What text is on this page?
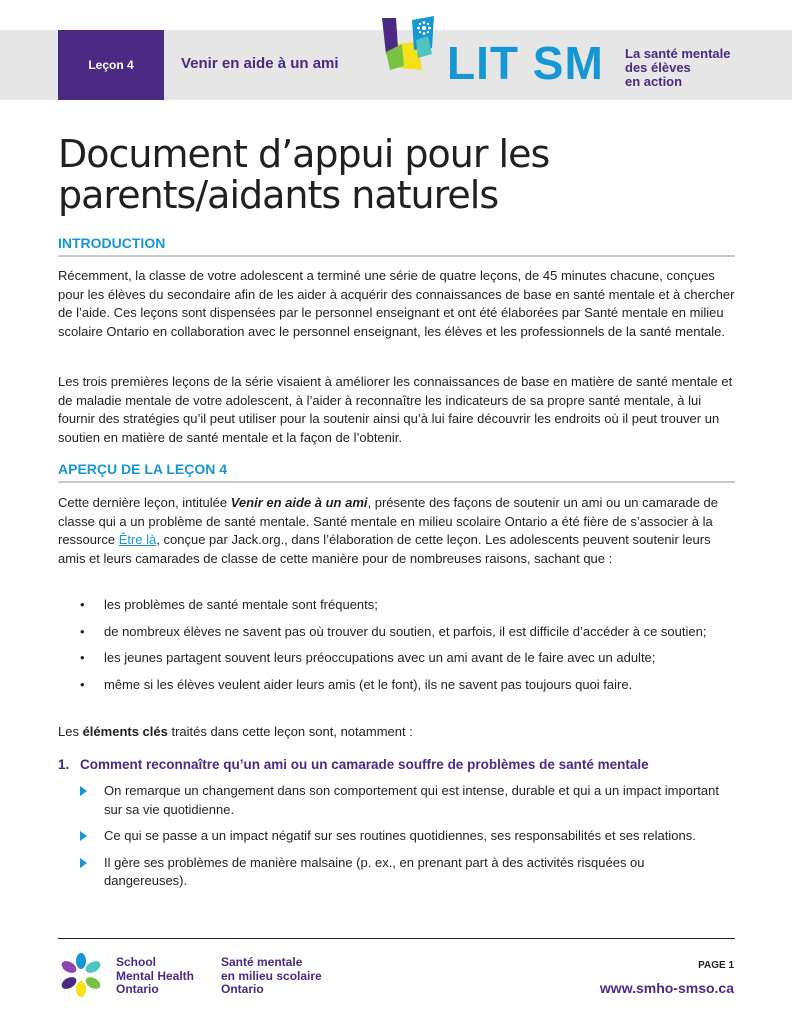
Leçon 4	Venir en aide à un ami LIT SM La santé mentale
des élèves
en action
Document d’appui pour les
parents/aidants naturels
INTRODUCTION

Récemment, la classe de votre adolescent a terminé une série de quatre leçons, de 45 minutes chacune, conçues pour les élèves du secondaire afin de les aider à acquérir des connaissances de base en santé mentale et à chercher de l’aide. Ces leçons sont dispensées par le personnel enseignant et ont été élaborées par Santé mentale en milieu scolaire Ontario en collaboration avec le personnel enseignant, les élèves et les professionnels de la santé mentale.

Les trois premières leçons de la série visaient à améliorer les connaissances de base en matière de santé mentale et de maladie mentale de votre adolescent, à l’aider à reconnaître les indicateurs de sa propre santé mentale, à lui fournir des stratégies qu’il peut utiliser pour la soutenir ainsi qu’à lui faire découvrir les endroits où il peut trouver un soutien en matière de santé mentale et la façon de l’obtenir.

APERÇU DE LA LEÇON 4

Cette dernière leçon, intitulée Venir en aide à un ami, présente des façons de soutenir un ami ou un camarade de classe qui a un problème de santé mentale. Santé mentale en milieu scolaire Ontario a été fière de s’associer à la ressource Être là, conçue par Jack.org., dans l’élaboration de cette leçon. Les adolescents peuvent soutenir leurs amis et leurs camarades de classe de cette manière pour de nombreuses raisons, sachant que :

• les problèmes de santé mentale sont fréquents;
• de nombreux élèves ne savent pas où trouver du soutien, et parfois, il est difficile d’accéder à ce soutien;
• les jeunes partagent souvent leurs préoccupations avec un ami avant de le faire avec un adulte;
• même si les élèves veulent aider leurs amis (et le font), ils ne savent pas toujours quoi faire.

Les éléments clés traités dans cette leçon sont, notamment :

1. Comment reconnaître qu’un ami ou un camarade souffre de problèmes de santé mentale
On remarque un changement dans son comportement qui est intense, durable et qui a un impact important sur sa vie quotidienne.
Ce qui se passe a un impact négatif sur ses routines quotidiennes, ses responsabilités et ses relations.
Il gère ses problèmes de manière malsaine (p. ex., en prenant part à des activités risquées ou dangereuses).
School
Mental Health
Ontario
Santé mentale
en milieu scolaire
Ontario
PAGE 1
www.smho-smso.ca
